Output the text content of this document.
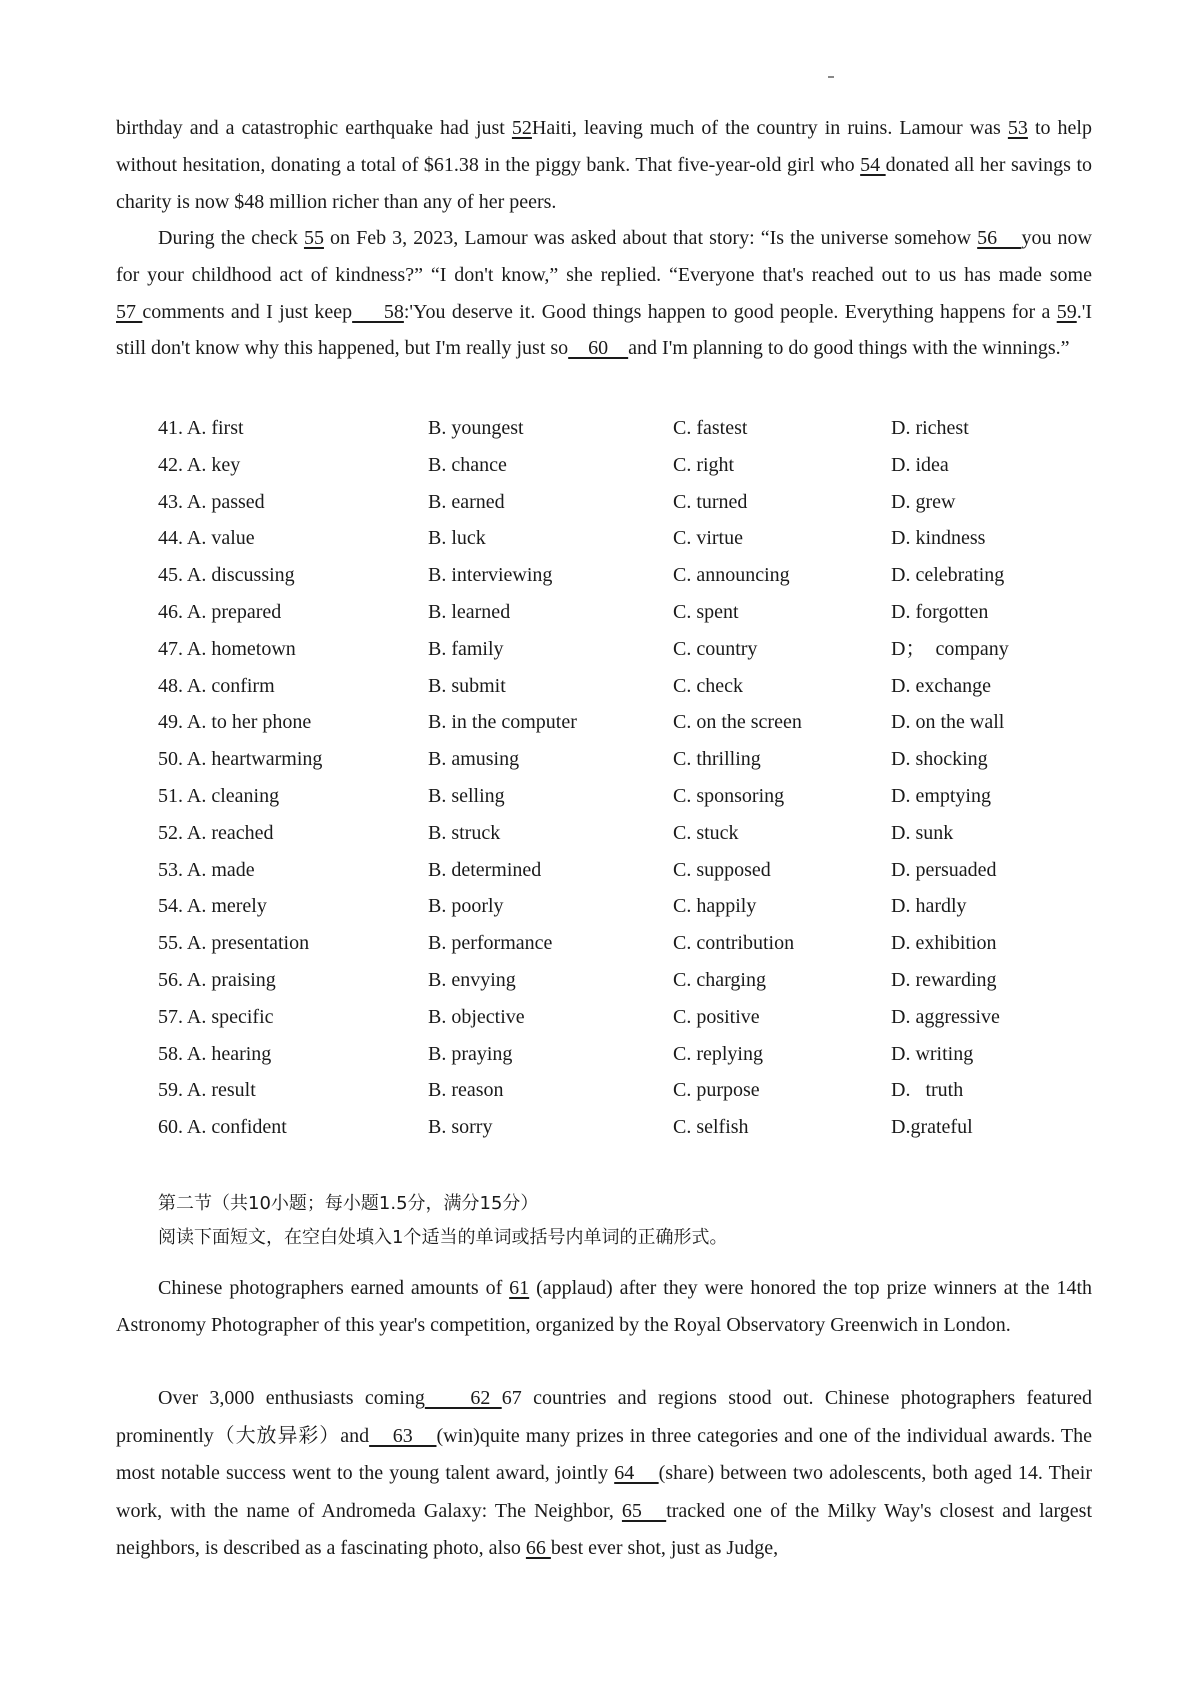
birthday and a catastrophic earthquake had just 52Haiti, leaving much of the country in ruins. Lamour was 53 to help without hesitation, donating a total of $61.38 in the piggy bank. That five-year-old girl who 54 donated all her savings to charity is now $48 million richer than any of her peers.

During the check 55 on Feb 3, 2023, Lamour was asked about that story: “Is the universe somehow 56    you now for your childhood act of kindness?” “I don't know,” she replied. “Everyone that's reached out to us has made some 57 comments and I just keep     58:'You deserve it. Good things happen to good people. Everything happens for a 59.'I still don't know why this happened, but I'm really just so    60    and I'm planning to do good things with the winnings.”

41. A. first	B. youngest	C. fastest	D. richest
42. A. key	B. chance	C. right	D. idea
43. A. passed	B. earned	C. turned	D. grew
44. A. value	B. luck	C. virtue	D. kindness
45. A. discussing	B. interviewing	C. announcing	D. celebrating
46. A. prepared	B. learned	C. spent	D. forgotten
47. A. hometown	B. family	C. country	D；  company
48. A. confirm	B. submit	C. check	D. exchange
49. A. to her phone	B. in the computer	C. on the screen	D. on the wall
50. A. heartwarming	B. amusing	C. thrilling	D. shocking
51. A. cleaning	B. selling	C. sponsoring	D. emptying
52. A. reached	B. struck	C. stuck	D. sunk
53. A. made	B. determined	C. supposed	D. persuaded
54. A. merely	B. poorly	C. happily	D. hardly
55. A. presentation	B. performance	C. contribution	D. exhibition
56. A. praising	B. envying	C. charging	D. rewarding
57. A. specific	B. objective	C. positive	D. aggressive
58. A. hearing	B. praying	C. replying	D. writing
59. A. result	B. reason	C. purpose	D.   truth
60. A. confident	B. sorry	C. selfish	D.grateful
第二节（共10小题；每小题1.5分，满分15分）
阅读下面短文，在空白处填入1个适当的单词或括号内单词的正确形式。

Chinese photographers earned amounts of 61 (applaud) after they were honored the top prize winners at the 14th Astronomy Photographer of this year's competition, organized by the Royal Observatory Greenwich in London.

Over 3,000 enthusiasts coming    62 67 countries and regions stood out. Chinese photographers featured prominently（大放异彩）and    63    (win)quite many prizes in three categories and one of the individual awards. The most notable success went to the young talent award, jointly 64    (share) between two adolescents, both aged 14. Their work, with the name of Andromeda Galaxy: The Neighbor, 65   tracked one of the Milky Way's closest and largest neighbors, is described as a fascinating photo, also 66 best ever shot, just as Judge,
